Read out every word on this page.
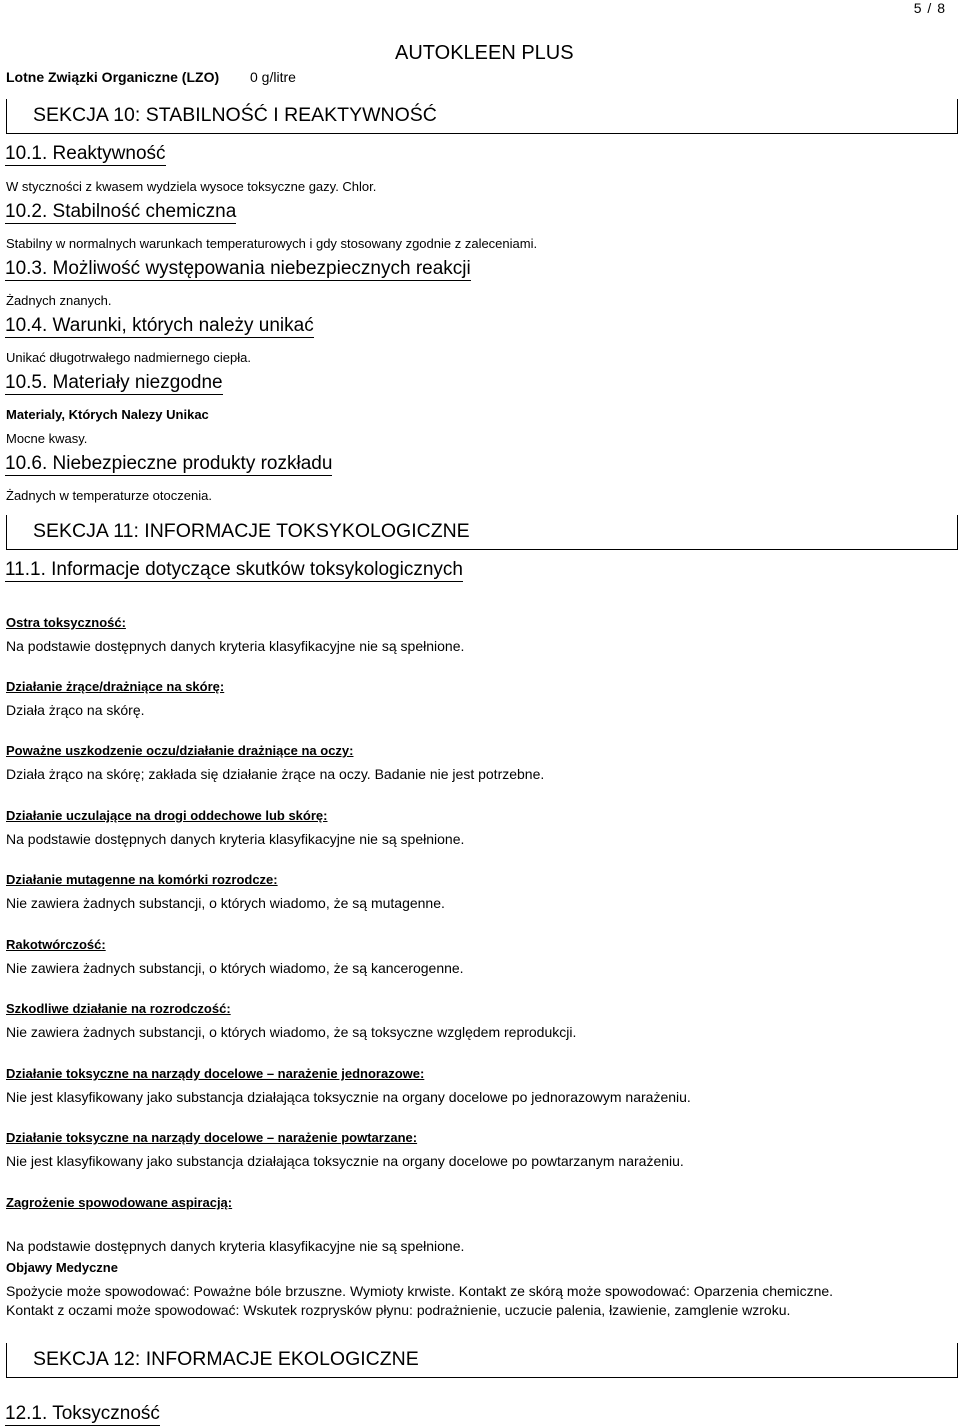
5 / 8
AUTOKLEEN PLUS
Lotne Związki Organiczne (LZO) 0 g/litre
SEKCJA 10: STABILNOŚĆ I REAKTYWNOŚĆ
10.1. Reaktywność
W styczności z kwasem wydziela wysoce toksyczne gazy. Chlor.
10.2. Stabilność chemiczna
Stabilny w normalnych warunkach temperaturowych i gdy stosowany zgodnie z zaleceniami.
10.3. Możliwość występowania niebezpiecznych reakcji
Żadnych znanych.
10.4. Warunki, których należy unikać
Unikać długotrwałego nadmiernego ciepła.
10.5. Materiały niezgodne
Materialy, Których Nalezy Unikac
Mocne kwasy.
10.6. Niebezpieczne produkty rozkładu
Żadnych w temperaturze otoczenia.
SEKCJA 11: INFORMACJE TOKSYKOLOGICZNE
11.1. Informacje dotyczące skutków toksykologicznych
Ostra toksyczność:
Na podstawie dostępnych danych kryteria klasyfikacyjne nie są spełnione.
Działanie żrące/drażniące na skórę:
Działa żrąco na skórę.
Poważne uszkodzenie oczu/działanie drażniące na oczy:
Działa żrąco na skórę; zakłada się działanie żrące na oczy. Badanie nie jest potrzebne.
Działanie uczulające na drogi oddechowe lub skórę:
Na podstawie dostępnych danych kryteria klasyfikacyjne nie są spełnione.
Działanie mutagenne na komórki rozrodcze:
Nie zawiera żadnych substancji, o których wiadomo, że są mutagenne.
Rakotwórczość:
Nie zawiera żadnych substancji, o których wiadomo, że są kancerogenne.
Szkodliwe działanie na rozrodczość:
Nie zawiera żadnych substancji, o których wiadomo, że są toksyczne względem reprodukcji.
Działanie toksyczne na narządy docelowe – narażenie jednorazowe:
Nie jest klasyfikowany jako substancja działająca toksycznie na organy docelowe po jednorazowym narażeniu.
Działanie toksyczne na narządy docelowe – narażenie powtarzane:
Nie jest klasyfikowany jako substancja działająca toksycznie na organy docelowe po powtarzanym narażeniu.
Zagrożenie spowodowane aspiracją:
Na podstawie dostępnych danych kryteria klasyfikacyjne nie są spełnione.
Objawy Medyczne
Spożycie może spowodować: Poważne bóle brzuszne. Wymioty krwiste. Kontakt ze skórą może spowodować: Oparzenia chemiczne.
Kontakt z oczami może spowodować: Wskutek rozprysków płynu: podrażnienie, uczucie palenia, łzawienie, zamglenie wzroku.
SEKCJA 12: INFORMACJE EKOLOGICZNE
12.1. Toksyczność
